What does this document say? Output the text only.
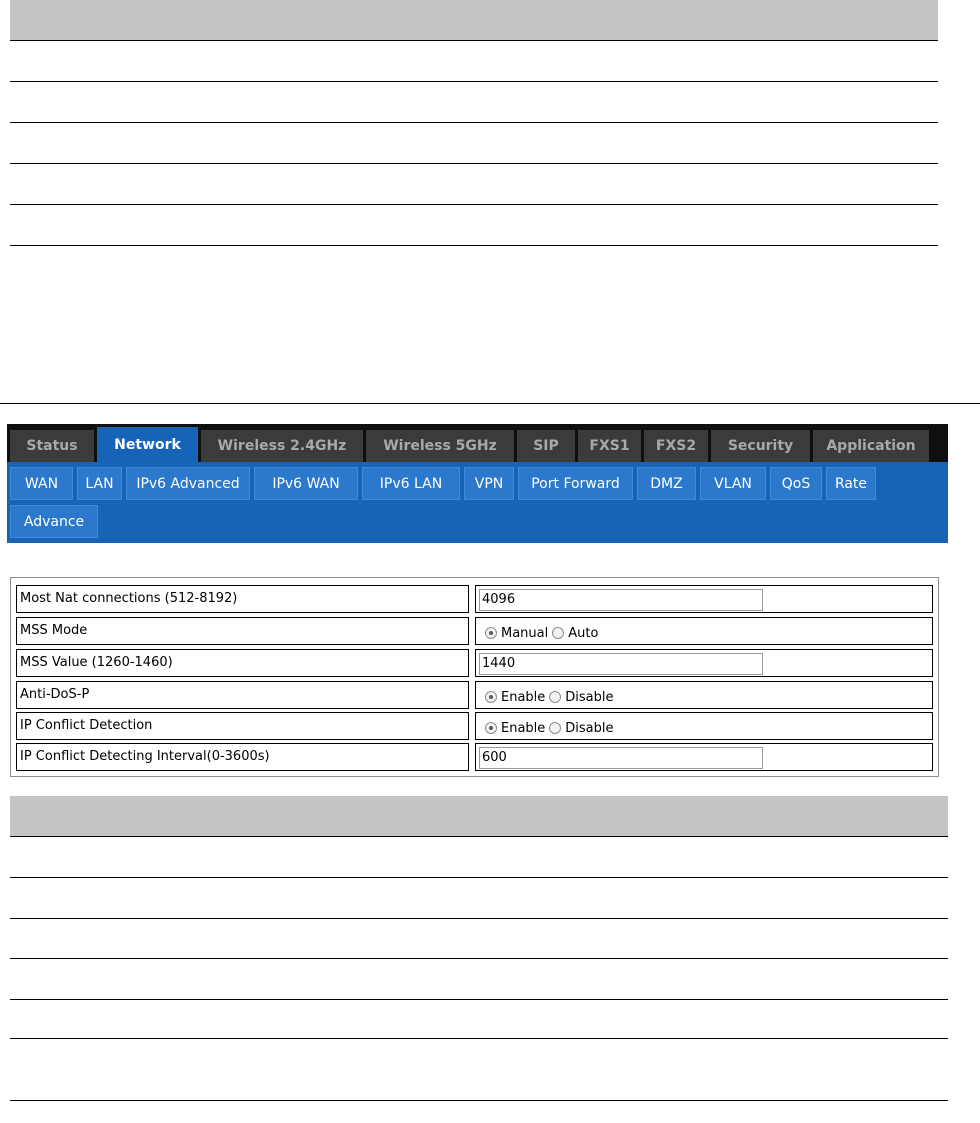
Status	Network	Wireless 2.4GHz	Wireless 5GHz	SIP	FXS1	FXS2	Security	Application
WAN	LAN	IPv6 Advanced	IPv6 WAN	IPv6 LAN	VPN	Port Forward	DMZ	VLAN	QoS	Rate
Advance
Most Nat connections (512-8192)	4096
MSS Mode	Manual Auto
MSS Value (1260-1460)	1440
Anti-DoS-P	Enable Disable
IP Conflict Detection	Enable Disable
IP Conflict Detecting Interval(0-3600s)	600
